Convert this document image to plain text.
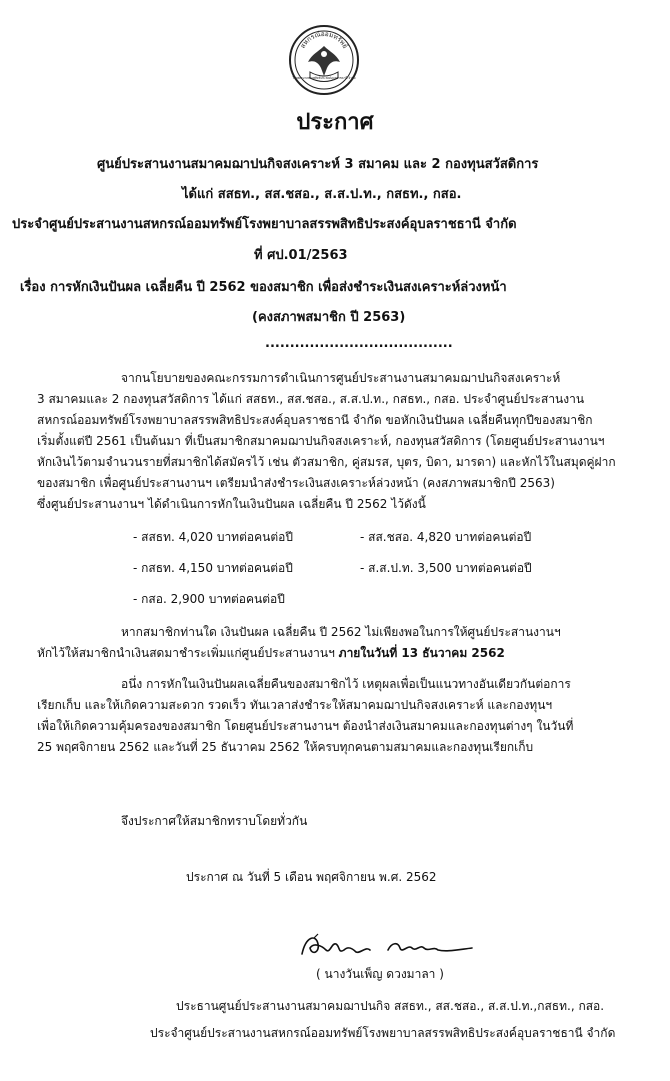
สหกรณ์ออมทรัพย์
โรงพยาบาลสรรพสิทธิประสงค์อุบลราชธานี จำกัด
ประกาศ
ศูนย์ประสานงานสมาคมฌาปนกิจสงเคราะห์ 3 สมาคม และ 2 กองทุนสวัสดิการ
ได้แก่ สสธท., สส.ชสอ., ส.ส.ป.ท., กสธท., กสอ.
ประจำศูนย์ประสานงานสหกรณ์ออมทรัพย์โรงพยาบาลสรรพสิทธิประสงค์อุบลราชธานี จำกัด
ที่ ศป.01/2563
เรื่อง การหักเงินปันผล เฉลี่ยคืน ปี 2562 ของสมาชิก เพื่อส่งชำระเงินสงเคราะห์ล่วงหน้า
(คงสภาพสมาชิก ปี 2563)
......................................
จากนโยบายของคณะกรรมการดำเนินการศูนย์ประสานงานสมาคมฌาปนกิจสงเคราะห์
3 สมาคมและ 2 กองทุนสวัสดิการ ได้แก่ สสธท., สส.ชสอ., ส.ส.ป.ท., กสธท., กสอ. ประจำศูนย์ประสานงาน
สหกรณ์ออมทรัพย์โรงพยาบาลสรรพสิทธิประสงค์อุบลราชธานี จำกัด ขอหักเงินปันผล เฉลี่ยคืนทุกปีของสมาชิก
เริ่มตั้งแต่ปี 2561 เป็นต้นมา ที่เป็นสมาชิกสมาคมฌาปนกิจสงเคราะห์, กองทุนสวัสดิการ (โดยศูนย์ประสานงานฯ
หักเงินไว้ตามจำนวนรายที่สมาชิกได้สมัครไว้ เช่น ตัวสมาชิก, คู่สมรส, บุตร, บิดา, มารดา) และหักไว้ในสมุดคู่ฝาก
ของสมาชิก เพื่อศูนย์ประสานงานฯ เตรียมนำส่งชำระเงินสงเคราะห์ล่วงหน้า (คงสภาพสมาชิกปี 2563)
ซึ่งศูนย์ประสานงานฯ ได้ดำเนินการหักในเงินปันผล เฉลี่ยคืน ปี 2562 ไว้ดังนี้
- สสธท. 4,020 บาทต่อคนต่อปี	- สส.ชสอ. 4,820 บาทต่อคนต่อปี
- กสธท. 4,150 บาทต่อคนต่อปี	- ส.ส.ป.ท. 3,500 บาทต่อคนต่อปี
- กสอ. 2,900 บาทต่อคนต่อปี
หากสมาชิกท่านใด เงินปันผล เฉลี่ยคืน ปี 2562 ไม่เพียงพอในการให้ศูนย์ประสานงานฯ
หักไว้ให้สมาชิกนำเงินสดมาชำระเพิ่มแก่ศูนย์ประสานงานฯ ภายในวันที่ 13 ธันวาคม 2562
อนึ่ง การหักในเงินปันผลเฉลี่ยคืนของสมาชิกไว้ เหตุผลเพื่อเป็นแนวทางอันเดียวกันต่อการ
เรียกเก็บ และให้เกิดความสะดวก รวดเร็ว ทันเวลาส่งชำระให้สมาคมฌาปนกิจสงเคราะห์ และกองทุนฯ
เพื่อให้เกิดความคุ้มครองของสมาชิก โดยศูนย์ประสานงานฯ ต้องนำส่งเงินสมาคมและกองทุนต่างๆ ในวันที่
25 พฤศจิกายน 2562 และวันที่ 25 ธันวาคม 2562 ให้ครบทุกคนตามสมาคมและกองทุนเรียกเก็บ
จึงประกาศให้สมาชิกทราบโดยทั่วกัน
ประกาศ ณ วันที่ 5 เดือน พฤศจิกายน พ.ศ. 2562
( นางวันเพ็ญ ดวงมาลา )
ประธานศูนย์ประสานงานสมาคมฌาปนกิจ สสธท., สส.ชสอ., ส.ส.ป.ท.,กสธท., กสอ.
ประจำศูนย์ประสานงานสหกรณ์ออมทรัพย์โรงพยาบาลสรรพสิทธิประสงค์อุบลราชธานี จำกัด
